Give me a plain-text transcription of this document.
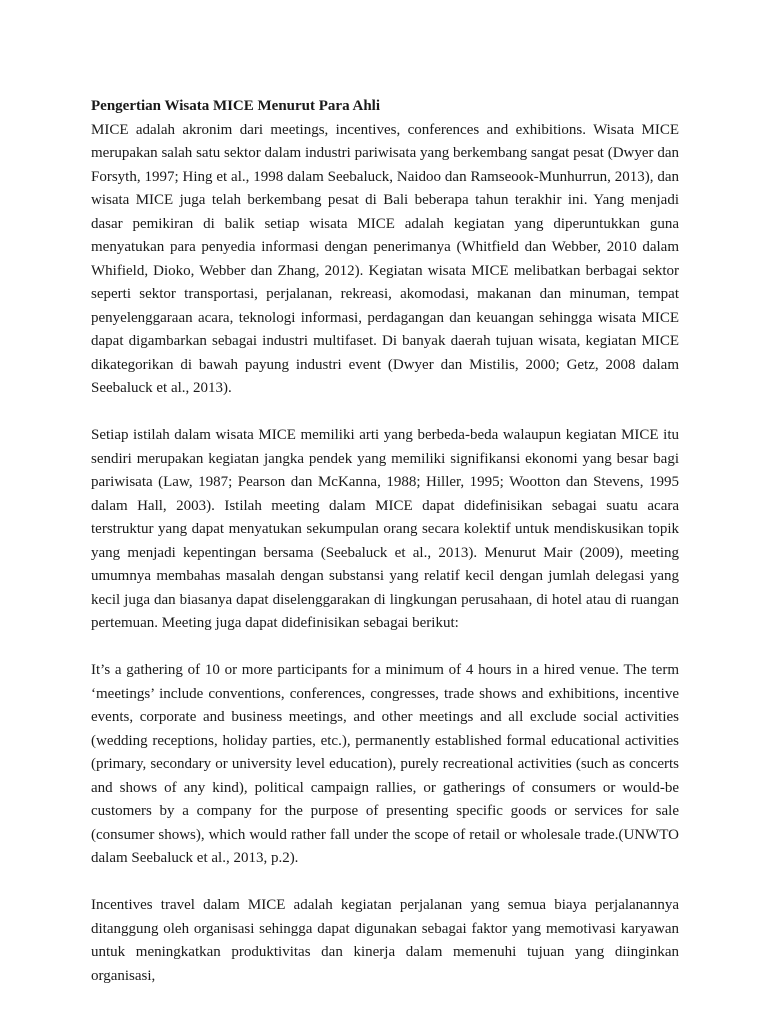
Pengertian Wisata MICE Menurut Para Ahli

MICE adalah akronim dari meetings, incentives, conferences and exhibitions. Wisata MICE merupakan salah satu sektor dalam industri pariwisata yang berkembang sangat pesat (Dwyer dan Forsyth, 1997; Hing et al., 1998 dalam Seebaluck, Naidoo dan Ramseook-Munhurrun, 2013), dan wisata MICE juga telah berkembang pesat di Bali beberapa tahun terakhir ini. Yang menjadi dasar pemikiran di balik setiap wisata MICE adalah kegiatan yang diperuntukkan guna menyatukan para penyedia informasi dengan penerimanya (Whitfield dan Webber, 2010 dalam Whifield, Dioko, Webber dan Zhang, 2012). Kegiatan wisata MICE melibatkan berbagai sektor seperti sektor transportasi, perjalanan, rekreasi, akomodasi, makanan dan minuman, tempat penyelenggaraan acara, teknologi informasi, perdagangan dan keuangan sehingga wisata MICE dapat digambarkan sebagai industri multifaset. Di banyak daerah tujuan wisata, kegiatan MICE dikategorikan di bawah payung industri event (Dwyer dan Mistilis, 2000; Getz, 2008 dalam Seebaluck et al., 2013).

Setiap istilah dalam wisata MICE memiliki arti yang berbeda-beda walaupun kegiatan MICE itu sendiri merupakan kegiatan jangka pendek yang memiliki signifikansi ekonomi yang besar bagi pariwisata (Law, 1987; Pearson dan McKanna, 1988; Hiller, 1995; Wootton dan Stevens, 1995 dalam Hall, 2003). Istilah meeting dalam MICE dapat didefinisikan sebagai suatu acara terstruktur yang dapat menyatukan sekumpulan orang secara kolektif untuk mendiskusikan topik yang menjadi kepentingan bersama (Seebaluck et al., 2013). Menurut Mair (2009), meeting umumnya membahas masalah dengan substansi yang relatif kecil dengan jumlah delegasi yang kecil juga dan biasanya dapat diselenggarakan di lingkungan perusahaan, di hotel atau di ruangan pertemuan. Meeting juga dapat didefinisikan sebagai berikut:

It’s a gathering of 10 or more participants for a minimum of 4 hours in a hired venue. The term ‘meetings’ include conventions, conferences, congresses, trade shows and exhibitions, incentive events, corporate and business meetings, and other meetings and all exclude social activities (wedding receptions, holiday parties, etc.), permanently established formal educational activities (primary, secondary or university level education), purely recreational activities (such as concerts and shows of any kind), political campaign rallies, or gatherings of consumers or would-be customers by a company for the purpose of presenting specific goods or services for sale (consumer shows), which would rather fall under the scope of retail or wholesale trade.(UNWTO dalam Seebaluck et al., 2013, p.2).

Incentives travel dalam MICE adalah kegiatan perjalanan yang semua biaya perjalanannya ditanggung oleh organisasi sehingga dapat digunakan sebagai faktor yang memotivasi karyawan untuk meningkatkan produktivitas dan kinerja dalam memenuhi tujuan yang diinginkan organisasi,
